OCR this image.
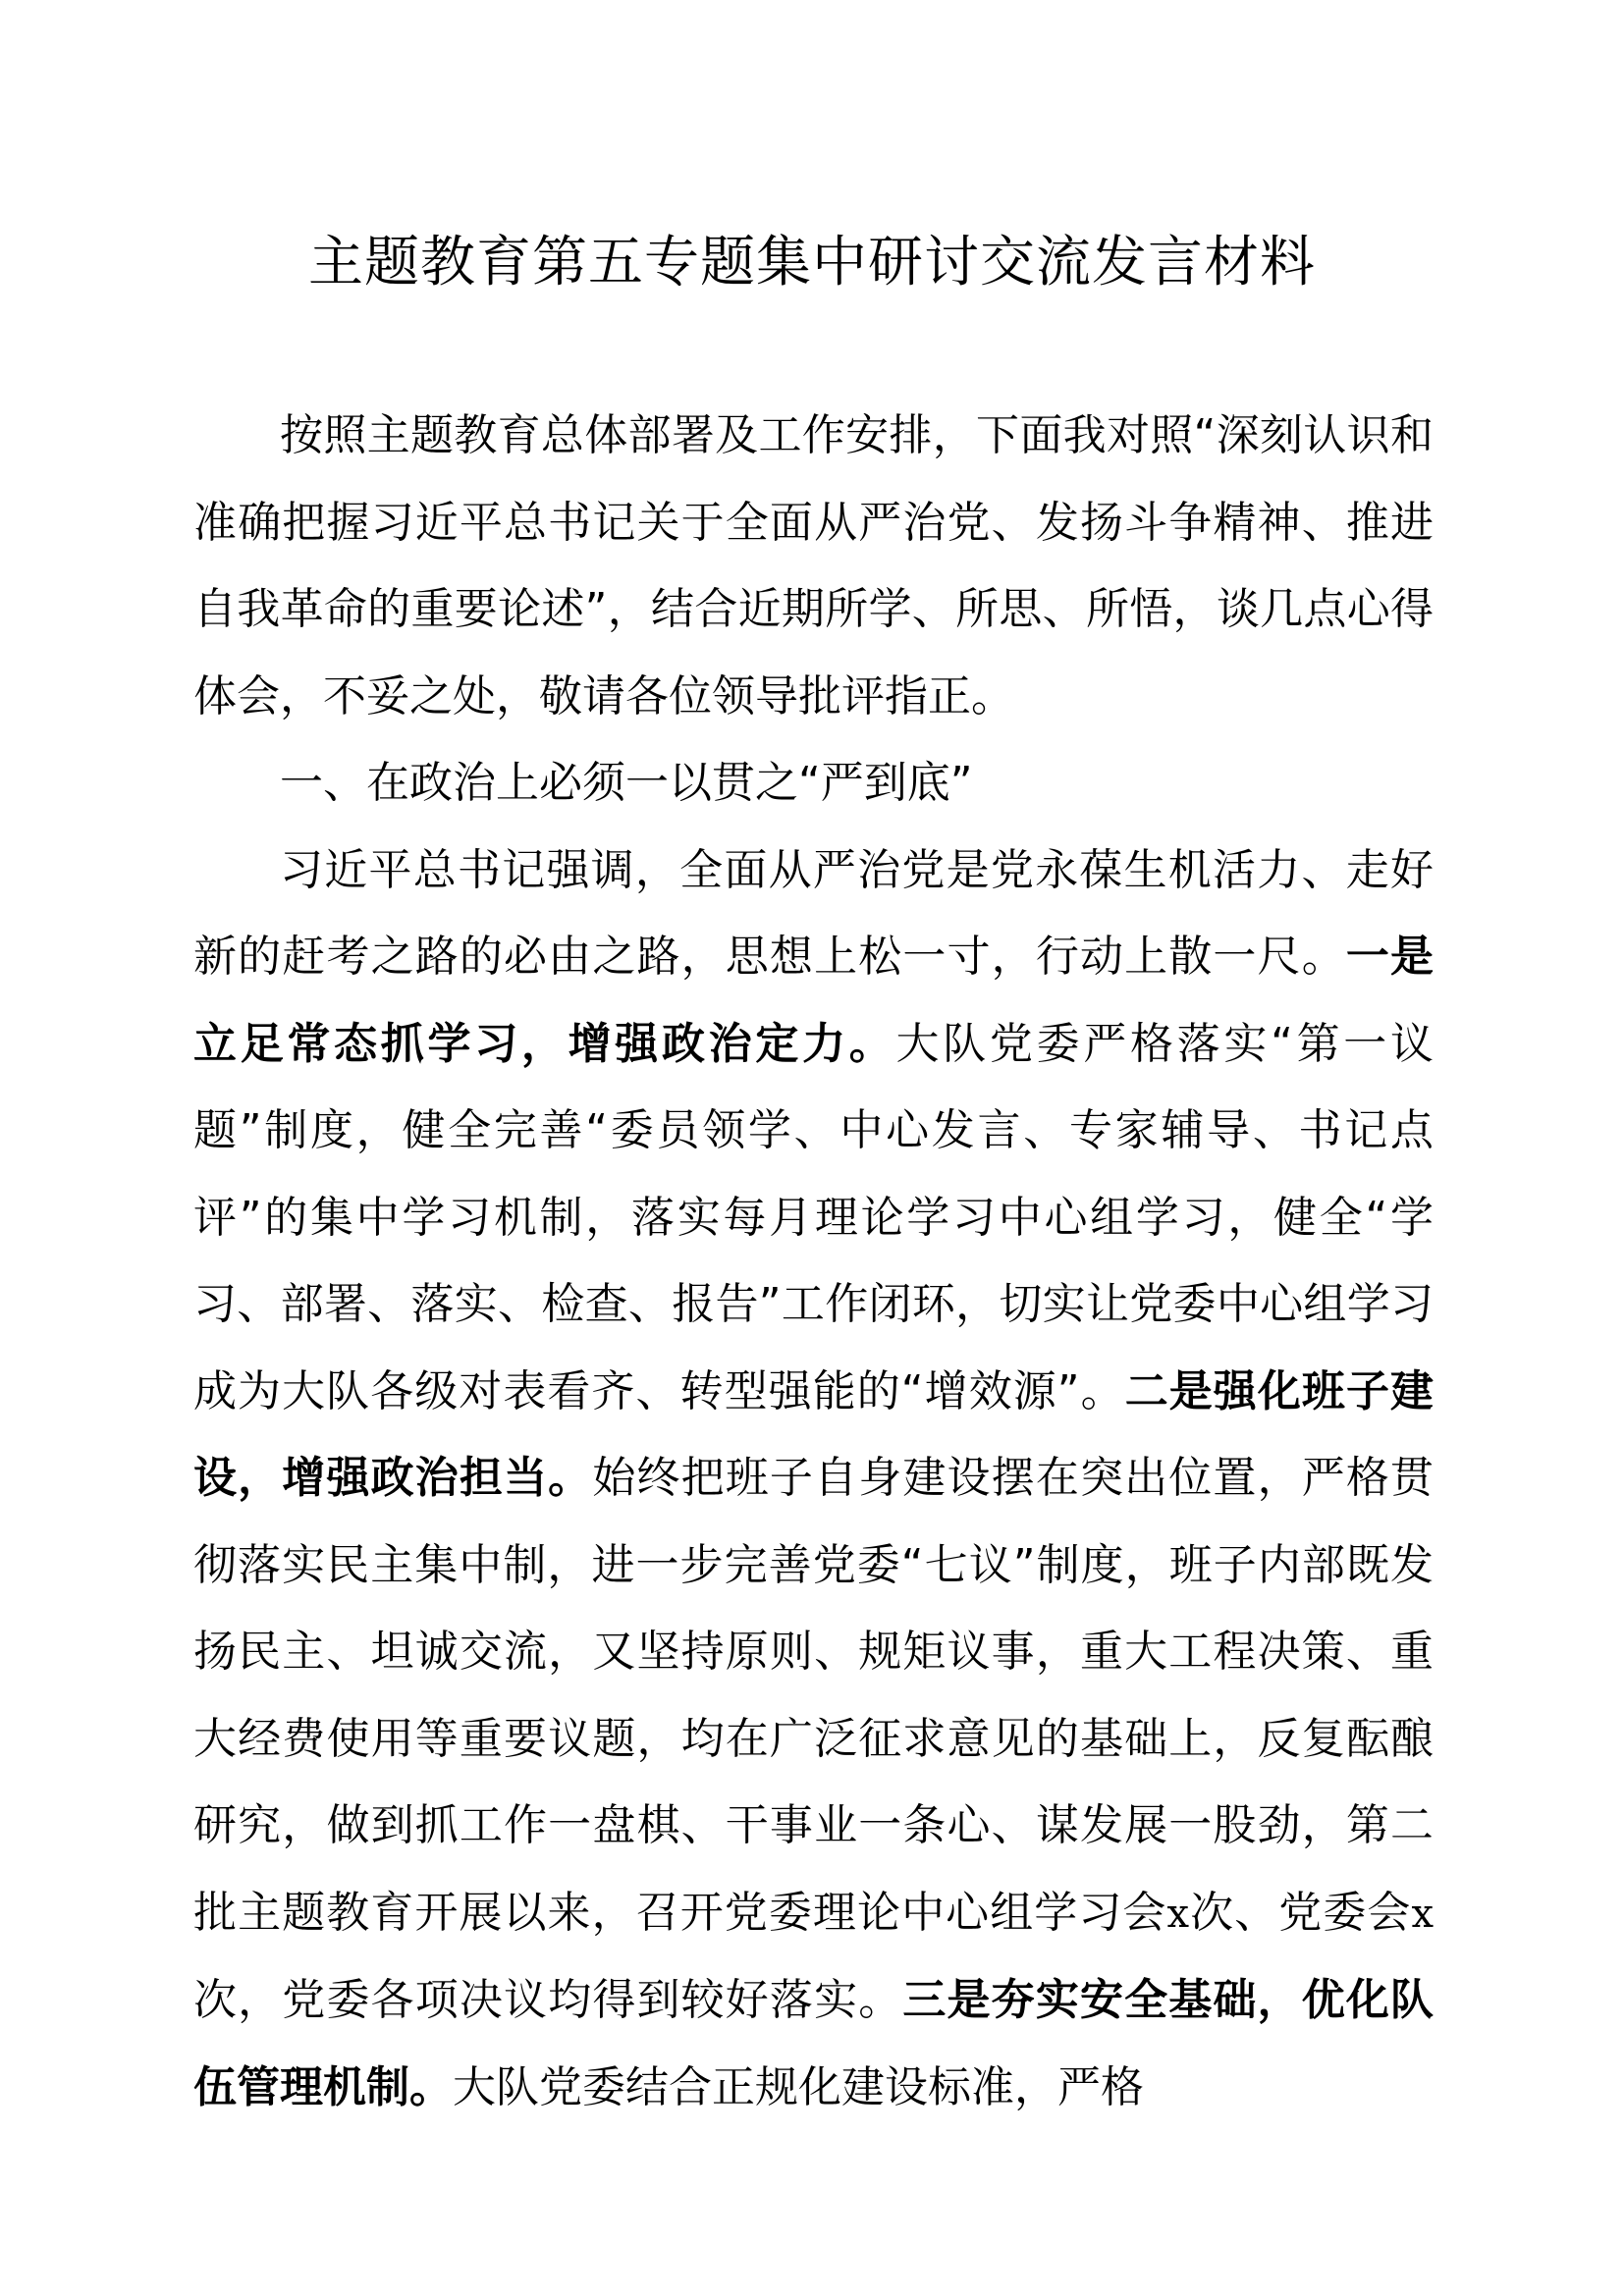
主题教育第五专题集中研讨交流发言材料

按照主题教育总体部署及工作安排，下面我对照“深刻认识和准确把握习近平总书记关于全面从严治党、发扬斗争精神、推进自我革命的重要论述”，结合近期所学、所思、所悟，谈几点心得体会，不妥之处，敬请各位领导批评指正。

一、在政治上必须一以贯之“严到底”

习近平总书记强调，全面从严治党是党永葆生机活力、走好新的赶考之路的必由之路，思想上松一寸，行动上散一尺。一是立足常态抓学习，增强政治定力。大队党委严格落实“第一议题”制度，健全完善“委员领学、中心发言、专家辅导、书记点评”的集中学习机制，落实每月理论学习中心组学习，健全“学习、部署、落实、检查、报告”工作闭环，切实让党委中心组学习成为大队各级对表看齐、转型强能的“增效源”。二是强化班子建设，增强政治担当。始终把班子自身建设摆在突出位置，严格贯彻落实民主集中制，进一步完善党委“七议”制度，班子内部既发扬民主、坦诚交流，又坚持原则、规矩议事，重大工程决策、重大经费使用等重要议题，均在广泛征求意见的基础上，反复酝酿研究，做到抓工作一盘棋、干事业一条心、谋发展一股劲，第二批主题教育开展以来，召开党委理论中心组学习会x次、党委会x次，党委各项决议均得到较好落实。三是夯实安全基础，优化队伍管理机制。大队党委结合正规化建设标准，严格
